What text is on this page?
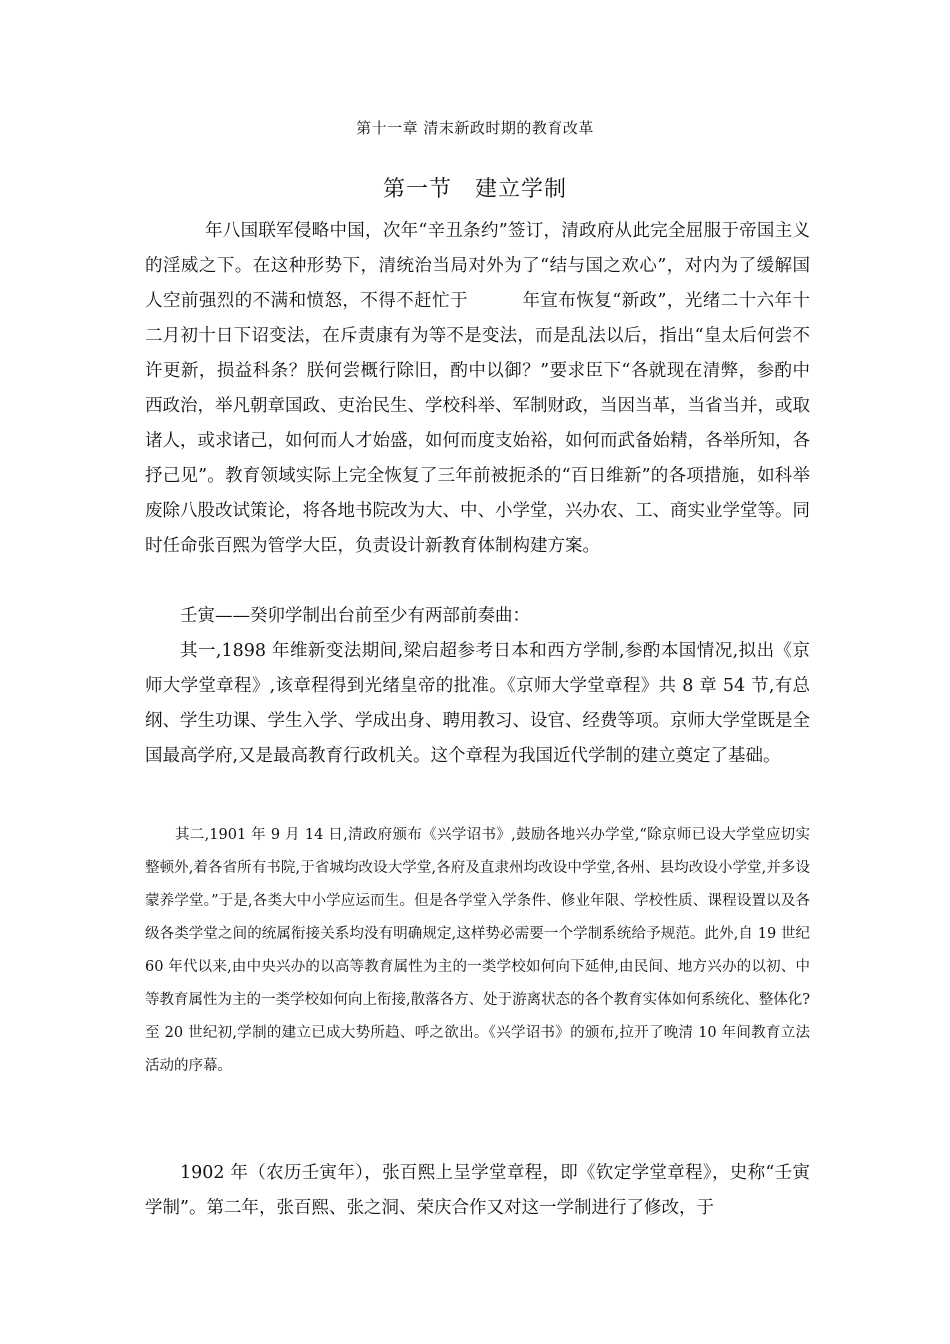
第十一章 清末新政时期的教育改革
第一节　建立学制

年八国联军侵略中国，次年“辛丑条约”签订，清政府从此完全屈服于帝国主义的淫威之下。在这种形势下，清统治当局对外为了“结与国之欢心”，对内为了缓解国人空前强烈的不满和愤怒，不得不赶忙于	年宣布恢复“新政”，光绪二十六年十二月初十日下诏变法，在斥责康有为等不是变法，而是乱法以后，指出“皇太后何尝不许更新，损益科条？朕何尝概行除旧，酌中以御？”要求臣下“各就现在清弊，参酌中西政治，举凡朝章国政、吏治民生、学校科举、军制财政，当因当革，当省当并，或取诸人，或求诸己，如何而人才始盛，如何而度支始裕，如何而武备始精，各举所知，各抒己见”。教育领域实际上完全恢复了三年前被扼杀的“百日维新”的各项措施，如科举废除八股改试策论，将各地书院改为大、中、小学堂，兴办农、工、商实业学堂等。同时任命张百熙为管学大臣，负责设计新教育体制构建方案。

壬寅——癸卯学制出台前至少有两部前奏曲：

其一,1898 年维新变法期间,梁启超参考日本和西方学制,参酌本国情况,拟出《京师大学堂章程》,该章程得到光绪皇帝的批准。《京师大学堂章程》共 8 章 54 节,有总纲、学生功课、学生入学、学成出身、聘用教习、设官、经费等项。京师大学堂既是全国最高学府,又是最高教育行政机关。这个章程为我国近代学制的建立奠定了基础。

其二,1901 年 9 月 14 日,清政府颁布《兴学诏书》,鼓励各地兴办学堂,“除京师已设大学堂应切实整顿外,着各省所有书院,于省城均改设大学堂,各府及直隶州均改设中学堂,各州、县均改设小学堂,并多设蒙养学堂。”于是,各类大中小学应运而生。但是各学堂入学条件、修业年限、学校性质、课程设置以及各级各类学堂之间的统属衔接关系均没有明确规定,这样势必需要一个学制系统给予规范。此外,自 19 世纪 60 年代以来,由中央兴办的以高等教育属性为主的一类学校如何向下延伸,由民间、地方兴办的以初、中等教育属性为主的一类学校如何向上衔接,散落各方、处于游离状态的各个教育实体如何系统化、整体化?至 20 世纪初,学制的建立已成大势所趋、呼之欲出。《兴学诏书》的颁布,拉开了晚清 10 年间教育立法活动的序幕。

1902 年（农历壬寅年），张百熙上呈学堂章程，即《钦定学堂章程》，史称“壬寅学制”。第二年，张百熙、张之洞、荣庆合作又对这一学制进行了修改，于
